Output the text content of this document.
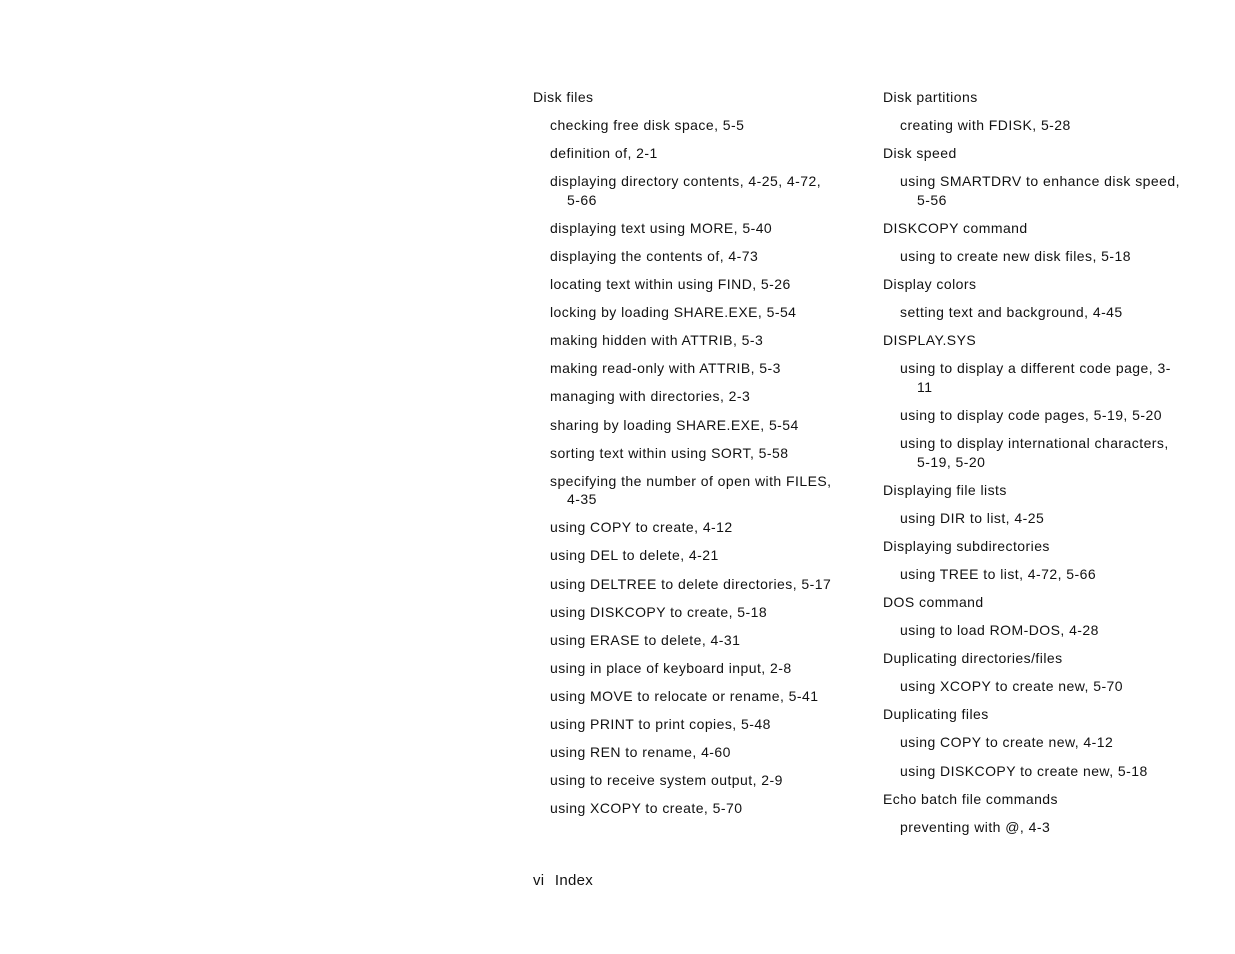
Disk files
checking free disk space, 5-5
definition of, 2-1
displaying directory contents, 4-25, 4-72, 5-66
displaying text using MORE, 5-40
displaying the contents of, 4-73
locating text within using FIND, 5-26
locking by loading SHARE.EXE, 5-54
making hidden with ATTRIB, 5-3
making read-only with ATTRIB, 5-3
managing with directories, 2-3
sharing by loading SHARE.EXE, 5-54
sorting text within using SORT, 5-58
specifying the number of open with FILES, 4-35
using COPY to create, 4-12
using DEL to delete, 4-21
using DELTREE to delete directories, 5-17
using DISKCOPY to create, 5-18
using ERASE to delete, 4-31
using in place of keyboard input, 2-8
using MOVE to relocate or rename, 5-41
using PRINT to print copies, 5-48
using REN to rename, 4-60
using to receive system output, 2-9
using XCOPY to create, 5-70
Disk partitions
creating with FDISK, 5-28
Disk speed
using SMARTDRV to enhance disk speed, 5-56
DISKCOPY command
using to create new disk files, 5-18
Display colors
setting text and background, 4-45
DISPLAY.SYS
using to display a different code page, 3-11
using to display code pages, 5-19, 5-20
using to display international characters, 5-19, 5-20
Displaying file lists
using DIR to list, 4-25
Displaying subdirectories
using TREE to list, 4-72, 5-66
DOS command
using to load ROM-DOS, 4-28
Duplicating directories/files
using XCOPY to create new, 5-70
Duplicating files
using COPY to create new, 4-12
using DISKCOPY to create new, 5-18
Echo batch file commands
preventing with @, 4-3
vi Index
